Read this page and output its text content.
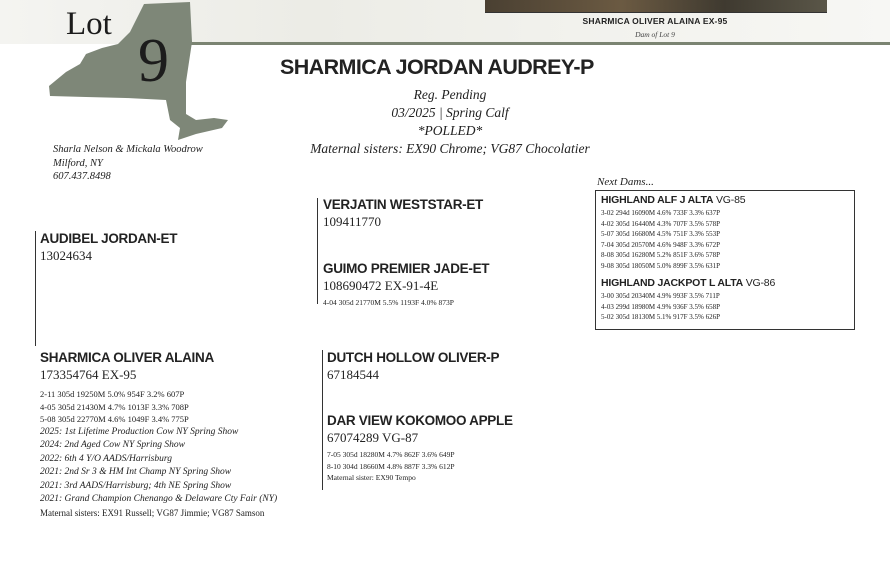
SHARMICA OLIVER ALAINA EX-95
Dam of Lot 9
Lot
9
Sharla Nelson & Mickala Woodrow
Milford, NY
607.437.8498
SHARMICA JORDAN AUDREY-P
Reg. Pending
03/2025 | Spring Calf
*POLLED*
Maternal sisters: EX90 Chrome; VG87 Chocolatier
AUDIBEL JORDAN-ET
13024634
VERJATIN WESTSTAR-ET
109411770
GUIMO PREMIER JADE-ET
108690472 EX-91-4E
4-04 305d 21770M 5.5% 1193F 4.0% 873P
SHARMICA OLIVER ALAINA
173354764 EX-95
2-11 305d 19250M 5.0% 954F 3.2% 607P
4-05 305d 21430M 4.7% 1013F 3.3% 708P
5-08 305d 22770M 4.6% 1049F 3.4% 775P
2025: 1st Lifetime Production Cow NY Spring Show
2024: 2nd Aged Cow NY Spring Show
2022: 6th 4 Y/O AADS/Harrisburg
2021: 2nd Sr 3 & HM Int Champ NY Spring Show
2021: 3rd AADS/Harrisburg; 4th NE Spring Show
2021: Grand Champion Chenango & Delaware Cty Fair (NY)
Maternal sisters: EX91 Russell; VG87 Jimmie; VG87 Samson
DUTCH HOLLOW OLIVER-P
67184544
DAR VIEW KOKOMOO APPLE
67074289 VG-87
7-05 305d 18280M 4.7% 862F 3.6% 649P
8-10 304d 18660M 4.8% 887F 3.3% 612P
Maternal sister: EX90 Tempo
Next Dams...
HIGHLAND ALF J ALTA VG-85
3-02 294d 16090M 4.6% 733F 3.3% 637P
4-02 305d 16440M 4.3% 707F 3.5% 578P
5-07 305d 16680M 4.5% 751F 3.3% 553P
7-04 305d 20570M 4.6% 948F 3.3% 672P
8-08 305d 16280M 5.2% 851F 3.6% 578P
9-08 305d 18050M 5.0% 899F 3.5% 631P
HIGHLAND JACKPOT L ALTA VG-86
3-00 305d 20340M 4.9% 993F 3.5% 711P
4-03 299d 18980M 4.9% 936F 3.5% 658P
5-02 305d 18130M 5.1% 917F 3.5% 626P
